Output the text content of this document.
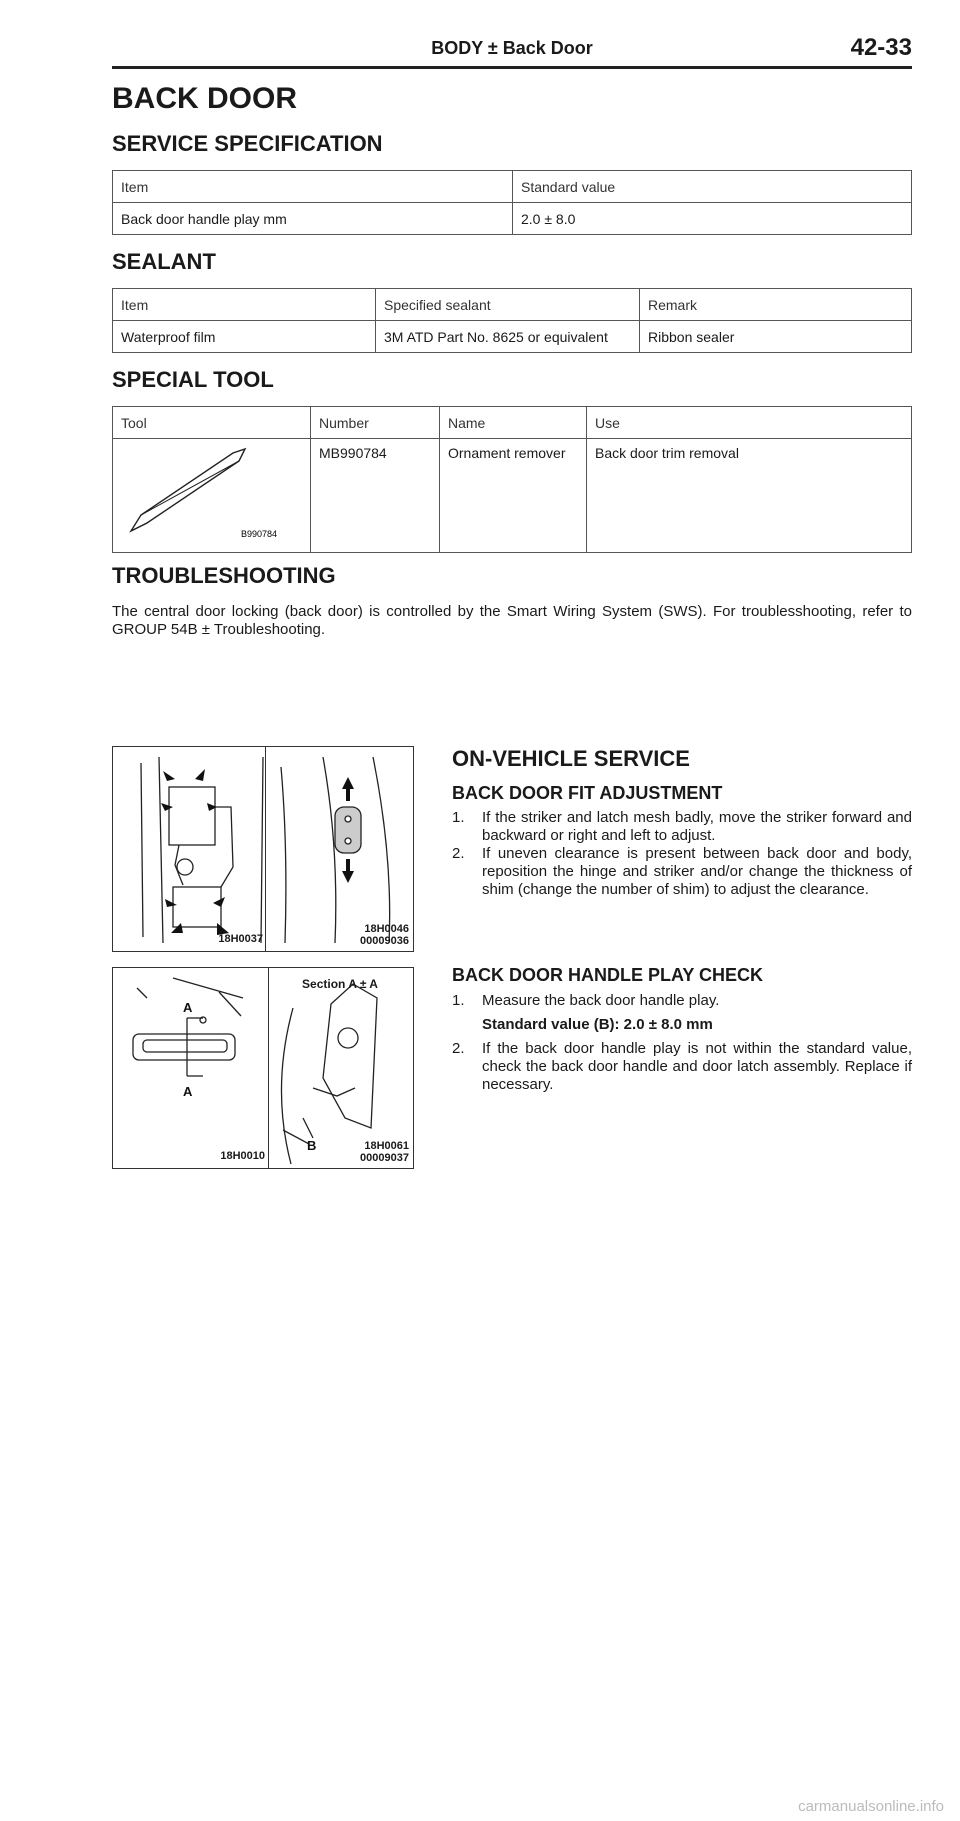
BODY ± Back Door	42-33
BACK DOOR
SERVICE SPECIFICATION
Item	Standard value
Back door handle play mm	2.0 ± 8.0
SEALANT
Item	Specified sealant	Remark
Waterproof film	3M ATD Part No. 8625 or equivalent	Ribbon sealer
SPECIAL TOOL
Tool	Number	Name	Use

B990784	MB990784	Ornament remover	Back door trim removal
TROUBLESHOOTING

The central door locking (back door) is controlled by the Smart Wiring System (SWS). For troublesshooting, refer to GROUP 54B ± Troubleshooting.

18H0037
18H0046
00009036
A
A
B
Section A ± A
18H0010
18H0061
00009037
ON-VEHICLE SERVICE
BACK DOOR FIT ADJUSTMENT
1. If the striker and latch mesh badly, move the striker forward and backward or right and left to adjust.
2. If uneven clearance is present between back door and body, reposition the hinge and striker and/or change the thickness of shim (change the number of shim) to adjust the clearance.
BACK DOOR HANDLE PLAY CHECK
1. Measure the back door handle play.
Standard value (B): 2.0 ± 8.0 mm
2. If the back door handle play is not within the standard value, check the back door handle and door latch assembly. Replace if necessary.
carmanualsonline.info
